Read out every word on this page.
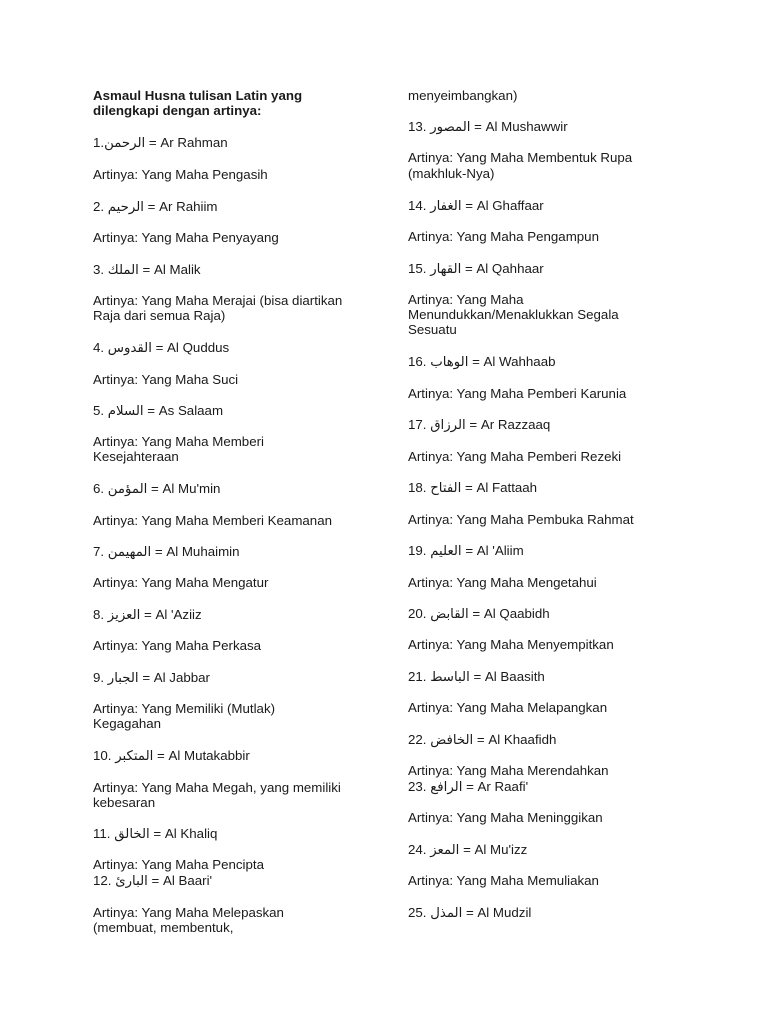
Asmaul Husna tulisan Latin yang
dilengkapi dengan artinya:
1.الرحمن = Ar Rahman
Artinya: Yang Maha Pengasih
2. الرحيم = Ar Rahiim
Artinya: Yang Maha Penyayang
3. الملك = Al Malik
Artinya: Yang Maha Merajai (bisa diartikan
Raja dari semua Raja)
4. القدوس = Al Quddus
Artinya: Yang Maha Suci
5. السلام = As Salaam
Artinya: Yang Maha Memberi
Kesejahteraan
6. المؤمن = Al Mu'min
Artinya: Yang Maha Memberi Keamanan
7. المهيمن = Al Muhaimin
Artinya: Yang Maha Mengatur
8. العزيز = Al 'Aziiz
Artinya: Yang Maha Perkasa
9. الجبار = Al Jabbar
Artinya: Yang Memiliki (Mutlak)
Kegagahan
10. المتكبر = Al Mutakabbir
Artinya: Yang Maha Megah, yang memiliki
kebesaran
11. الخالق = Al Khaliq
Artinya: Yang Maha Pencipta
12. البارئ = Al Baari'
Artinya: Yang Maha Melepaskan
(membuat, membentuk,
menyeimbangkan)
13. المصور = Al Mushawwir
Artinya: Yang Maha Membentuk Rupa
(makhluk-Nya)
14. الغفار = Al Ghaffaar
Artinya: Yang Maha Pengampun
15. القهار = Al Qahhaar
Artinya: Yang Maha
Menundukkan/Menaklukkan Segala
Sesuatu
16. الوهاب = Al Wahhaab
Artinya: Yang Maha Pemberi Karunia
17. الرزاق = Ar Razzaaq
Artinya: Yang Maha Pemberi Rezeki
18. الفتاح = Al Fattaah
Artinya: Yang Maha Pembuka Rahmat
19. العليم = Al 'Aliim
Artinya: Yang Maha Mengetahui
20. القابض = Al Qaabidh
Artinya: Yang Maha Menyempitkan
21. الباسط = Al Baasith
Artinya: Yang Maha Melapangkan
22. الخافض = Al Khaafidh
Artinya: Yang Maha Merendahkan
23. الرافع = Ar Raafi'
Artinya: Yang Maha Meninggikan
24. المعز = Al Mu'izz
Artinya: Yang Maha Memuliakan
25. المذل = Al Mudzil
